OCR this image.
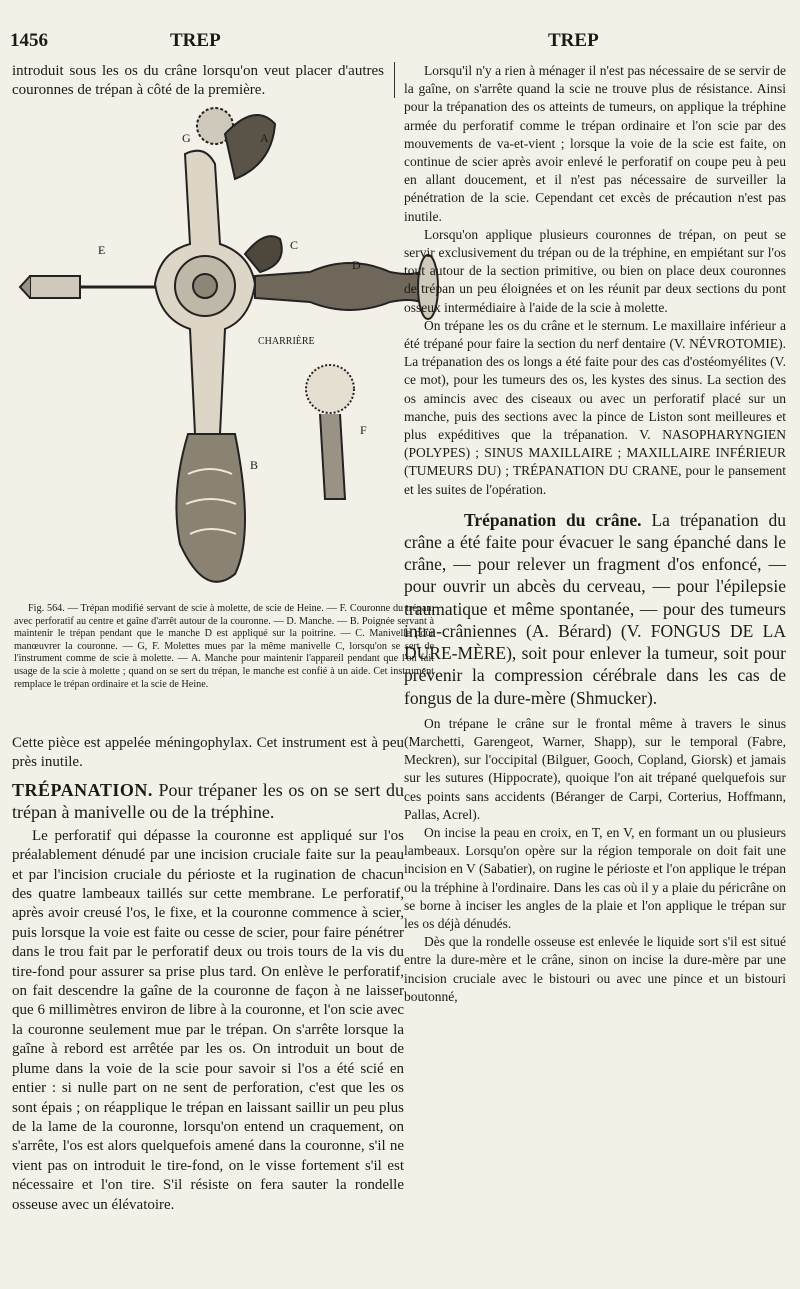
1456	TREP	TREP

introduit sous les os du crâne lorsqu'on veut placer d'autres couronnes de trépan à côté de la première.

G	A
C
D
E
F
B
CHARRIÈRE

Fig. 564. — Trépan modifié servant de scie à molette, de scie de Heine. — F. Couronne du trépan, avec perforatif au centre et gaîne d'arrêt autour de la couronne. — D. Manche. — B. Poignée servant à maintenir le trépan pendant que le manche D est appliqué sur la poitrine. — C. Manivelle pour manœuvrer la couronne. — G, F. Molettes mues par la même manivelle C, lorsqu'on se sert de l'instrument comme de scie à molette. — A. Manche pour maintenir l'appareil pendant que l'on fait usage de la scie à molette ; quand on se sert du trépan, le manche est confié à un aide. Cet instrument remplace le trépan ordinaire et la scie de Heine.

Cette pièce est appelée méningophylax. Cet instrument est à peu près inutile.

TRÉPANATION. Pour trépaner les os on se sert du trépan à manivelle ou de la tréphine.

Le perforatif qui dépasse la couronne est appliqué sur l'os préalablement dénudé par une incision cruciale faite sur la peau et par l'incision cruciale du périoste et la rugination de chacun des quatre lambeaux taillés sur cette membrane. Le perforatif, après avoir creusé l'os, le fixe, et la couronne commence à scier, puis lorsque la voie est faite ou cesse de scier, pour faire pénétrer dans le trou fait par le perforatif deux ou trois tours de la vis du tire-fond pour assurer sa prise plus tard. On enlève le perforatif, on fait descendre la gaîne de la couronne de façon à ne laisser que 6 millimètres environ de libre à la couronne, et l'on scie avec la couronne seulement mue par le trépan. On s'arrête lorsque la gaîne à rebord est arrêtée par les os. On introduit un bout de plume dans la voie de la scie pour savoir si l'os a été scié en entier : si nulle part on ne sent de perforation, c'est que les os sont épais ; on réapplique le trépan en laissant saillir un peu plus de la lame de la couronne, lorsqu'on entend un craquement, on s'arrête, l'os est alors quelquefois amené dans la couronne, s'il ne vient pas on introduit le tire-fond, on le visse fortement s'il est nécessaire et l'on tire. S'il résiste on fera sauter la rondelle osseuse avec un élévatoire.

Lorsqu'il n'y a rien à ménager il n'est pas nécessaire de se servir de la gaîne, on s'arrête quand la scie ne trouve plus de résistance. Ainsi pour la trépanation des os atteints de tumeurs, on applique la tréphine armée du perforatif comme le trépan ordinaire et l'on scie par des mouvements de va-et-vient ; lorsque la voie de la scie est faite, on continue de scier après avoir enlevé le perforatif on coupe peu à peu en allant doucement, et il n'est pas nécessaire de surveiller la pénétration de la scie. Cependant cet excès de précaution n'est pas inutile.

Lorsqu'on applique plusieurs couronnes de trépan, on peut se servir exclusivement du trépan ou de la tréphine, en empiétant sur l'os tout autour de la section primitive, ou bien on place deux couronnes de trépan un peu éloignées et on les réunit par deux sections du pont osseux intermédiaire à l'aide de la scie à molette.

On trépane les os du crâne et le sternum. Le maxillaire inférieur a été trépané pour faire la section du nerf dentaire (V. NÉVROTOMIE). La trépanation des os longs a été faite pour des cas d'ostéomyélites (V. ce mot), pour les tumeurs des os, les kystes des sinus. La section des os amincis avec des ciseaux ou avec un perforatif placé sur un manche, puis des sections avec la pince de Liston sont meilleures et plus expéditives que la trépanation. V. NASOPHARYNGIEN (POLYPES) ; SINUS MAXILLAIRE ; MAXILLAIRE INFÉRIEUR (TUMEURS DU) ; TRÉPANATION DU CRANE, pour le pansement et les suites de l'opération.

Trépanation du crâne. La trépanation du crâne a été faite pour évacuer le sang épanché dans le crâne, — pour relever un fragment d'os enfoncé, — pour ouvrir un abcès du cerveau, — pour l'épilepsie traumatique et même spontanée, — pour des tumeurs intra-crâniennes (A. Bérard) (V. FONGUS DE LA DURE-MÈRE), soit pour enlever la tumeur, soit pour prévenir la compression cérébrale dans les cas de fongus de la dure-mère (Shmucker).

On trépane le crâne sur le frontal même à travers le sinus (Marchetti, Garengeot, Warner, Shapp), sur le temporal (Fabre, Meckren), sur l'occipital (Bilguer, Gooch, Copland, Giorsk) et jamais sur les sutures (Hippocrate), quoique l'on ait trépané quelquefois sur ces points sans accidents (Béranger de Carpi, Corterius, Hoffmann, Pallas, Acrel).

On incise la peau en croix, en T, en V, en formant un ou plusieurs lambeaux. Lorsqu'on opère sur la région temporale on doit fait une incision en V (Sabatier), on rugine le périoste et l'on applique le trépan ou la tréphine à l'ordinaire. Dans les cas où il y a plaie du péricrâne on se borne à inciser les angles de la plaie et l'on applique le trépan sur les os déjà dénudés.

Dès que la rondelle osseuse est enlevée le liquide sort s'il est situé entre la dure-mère et le crâne, sinon on incise la dure-mère par une incision cruciale avec le bistouri ou avec une pince et un bistouri boutonné,
